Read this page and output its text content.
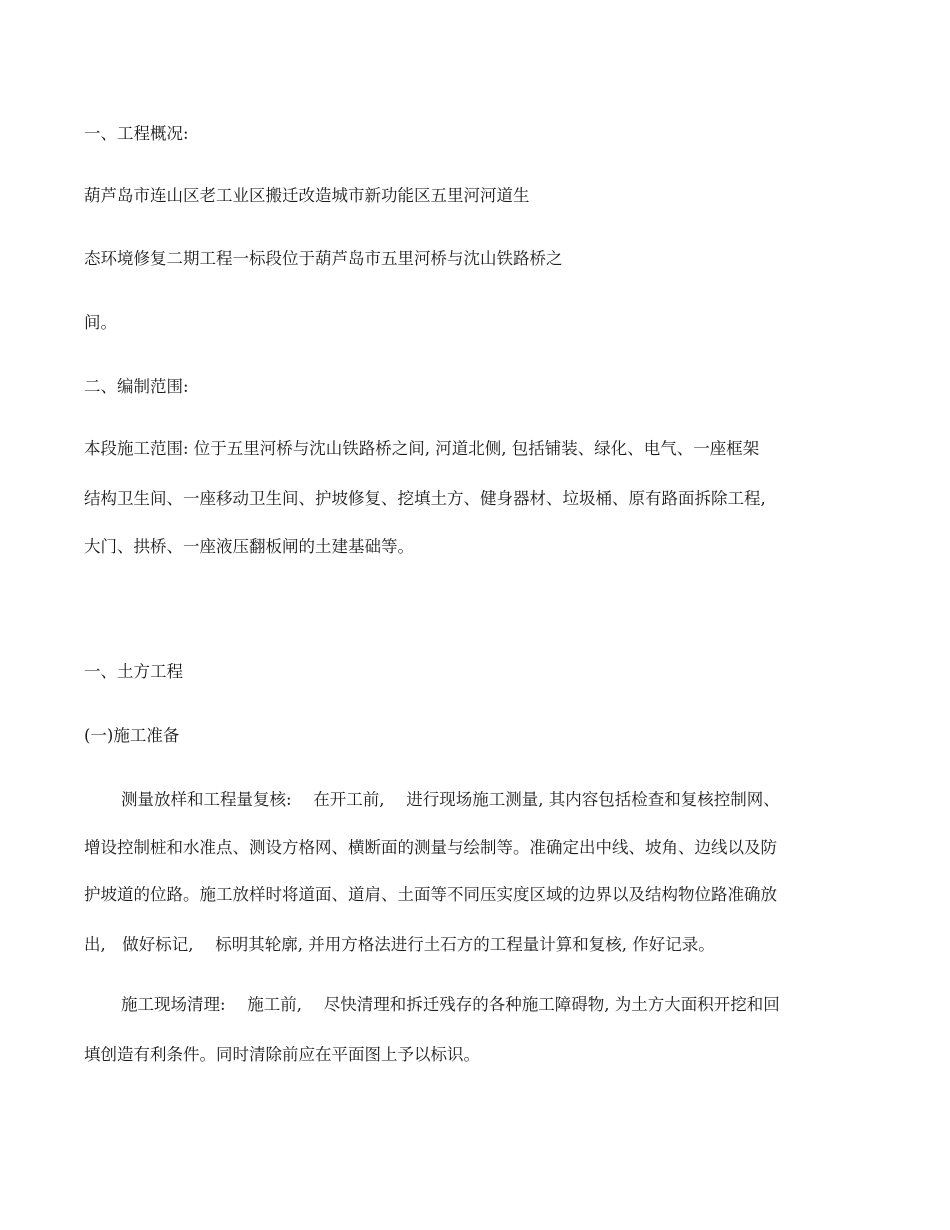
一、工程概况:
葫芦岛市连山区老工业区搬迁改造城市新功能区五里河河道生
态环境修复二期工程一标段位于葫芦岛市五里河桥与沈山铁路桥之
间。
二、编制范围:
本段施工范围: 位于五里河桥与沈山铁路桥之间, 河道北侧, 包括铺装、绿化、电气、一座框架
结构卫生间、一座移动卫生间、护坡修复、挖填土方、健身器材、垃圾桶、原有路面拆除工程,
大门、拱桥、一座液压翻板闸的土建基础等。
一、土方工程
(一)施工准备
测量放样和工程量复核:　 在开工前,　 进行现场施工测量, 其内容包括检查和复核控制网、
增设控制桩和水准点、测设方格网、横断面的测量与绘制等。准确定出中线、坡角、边线以及防
护坡道的位路。施工放样时将道面、道肩、土面等不同压实度区域的边界以及结构物位路准确放
出,　做好标记,　 标明其轮廓, 并用方格法进行土石方的工程量计算和复核, 作好记录。
施工现场清理:　 施工前,　 尽快清理和拆迁残存的各种施工障碍物, 为土方大面积开挖和回
填创造有利条件。同时清除前应在平面图上予以标识。
